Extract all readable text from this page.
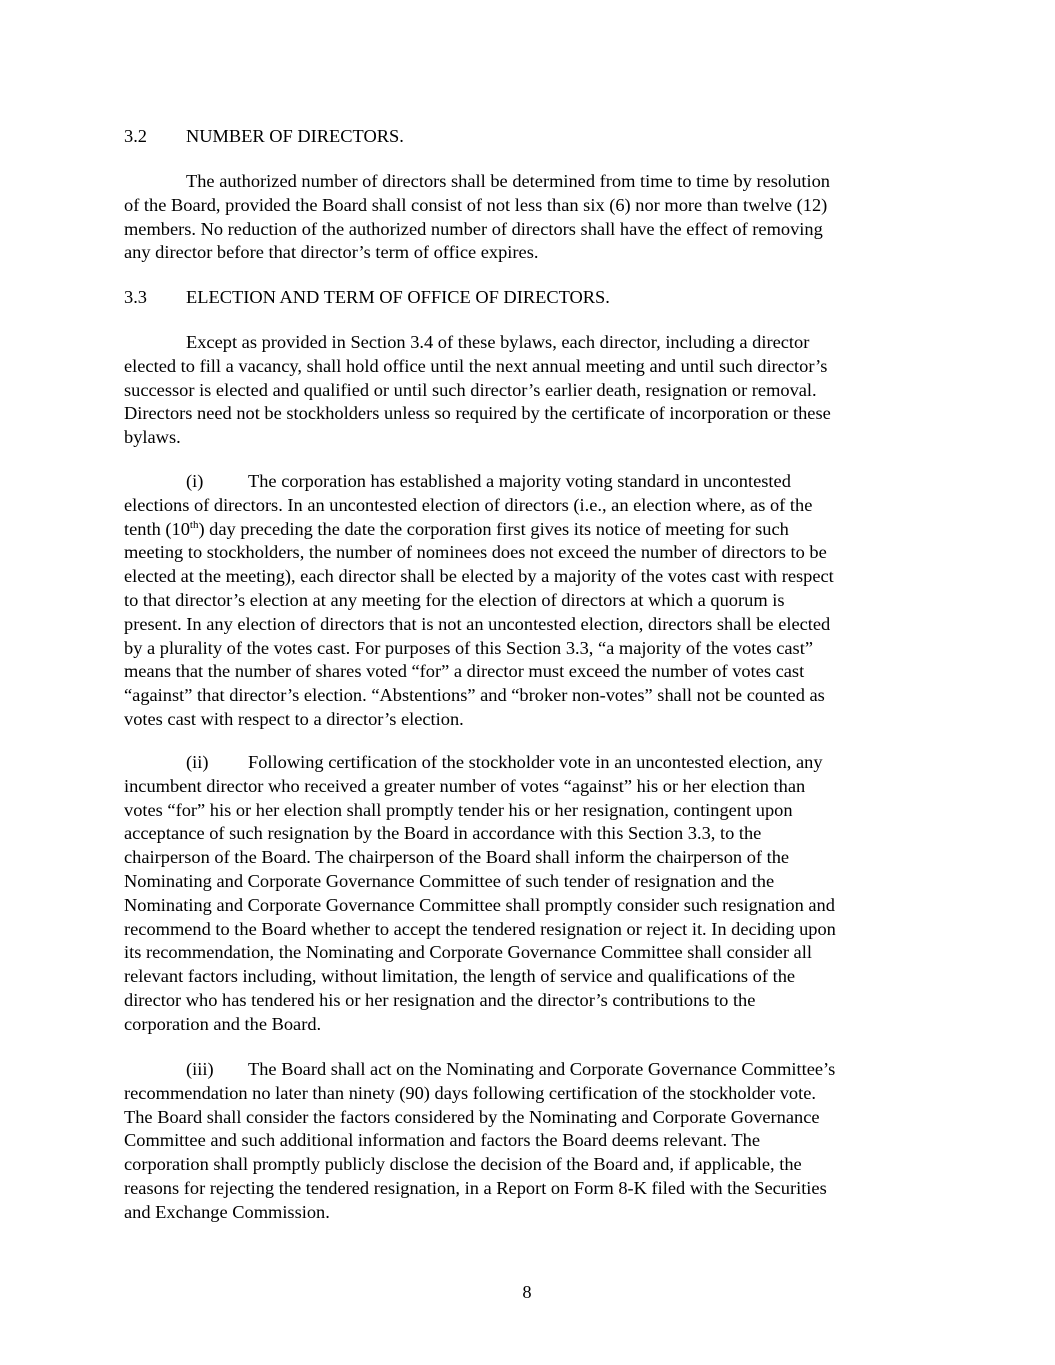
3.2 NUMBER OF DIRECTORS.
The authorized number of directors shall be determined from time to time by resolution
of the Board, provided the Board shall consist of not less than six (6) nor more than twelve (12)
members. No reduction of the authorized number of directors shall have the effect of removing
any director before that director’s term of office expires.
3.3 ELECTION AND TERM OF OFFICE OF DIRECTORS.
Except as provided in Section 3.4 of these bylaws, each director, including a director
elected to fill a vacancy, shall hold office until the next annual meeting and until such director’s
successor is elected and qualified or until such director’s earlier death, resignation or removal.
Directors need not be stockholders unless so required by the certificate of incorporation or these
bylaws.
(i) The corporation has established a majority voting standard in uncontested
elections of directors. In an uncontested election of directors (i.e., an election where, as of the
tenth (10th) day preceding the date the corporation first gives its notice of meeting for such
meeting to stockholders, the number of nominees does not exceed the number of directors to be
elected at the meeting), each director shall be elected by a majority of the votes cast with respect
to that director’s election at any meeting for the election of directors at which a quorum is
present. In any election of directors that is not an uncontested election, directors shall be elected
by a plurality of the votes cast. For purposes of this Section 3.3, “a majority of the votes cast”
means that the number of shares voted “for” a director must exceed the number of votes cast
“against” that director’s election. “Abstentions” and “broker non-votes” shall not be counted as
votes cast with respect to a director’s election.
(ii) Following certification of the stockholder vote in an uncontested election, any
incumbent director who received a greater number of votes “against” his or her election than
votes “for” his or her election shall promptly tender his or her resignation, contingent upon
acceptance of such resignation by the Board in accordance with this Section 3.3, to the
chairperson of the Board. The chairperson of the Board shall inform the chairperson of the
Nominating and Corporate Governance Committee of such tender of resignation and the
Nominating and Corporate Governance Committee shall promptly consider such resignation and
recommend to the Board whether to accept the tendered resignation or reject it. In deciding upon
its recommendation, the Nominating and Corporate Governance Committee shall consider all
relevant factors including, without limitation, the length of service and qualifications of the
director who has tendered his or her resignation and the director’s contributions to the
corporation and the Board.
(iii) The Board shall act on the Nominating and Corporate Governance Committee’s
recommendation no later than ninety (90) days following certification of the stockholder vote.
The Board shall consider the factors considered by the Nominating and Corporate Governance
Committee and such additional information and factors the Board deems relevant. The
corporation shall promptly publicly disclose the decision of the Board and, if applicable, the
reasons for rejecting the tendered resignation, in a Report on Form 8-K filed with the Securities
and Exchange Commission.
8
